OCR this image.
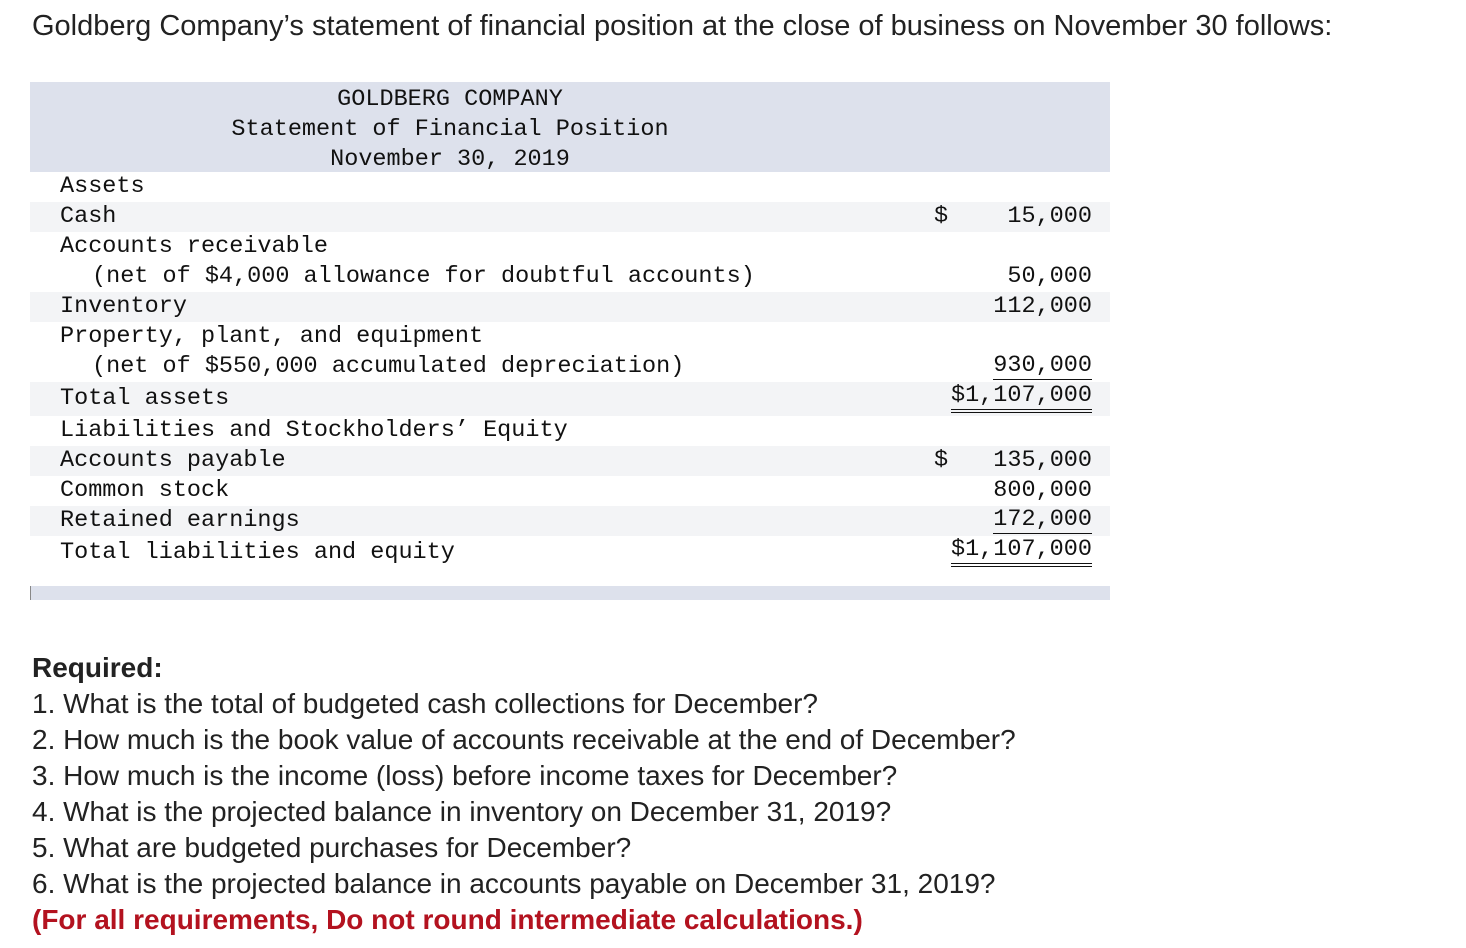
Goldberg Company’s statement of financial position at the close of business on November 30 follows:
GOLDBERG COMPANY
Statement of Financial Position
November 30, 2019
Assets
Cash	$	15,000
Accounts receivable
(net of $4,000 allowance for doubtful accounts)	50,000
Inventory	112,000
Property, plant, and equipment
(net of $550,000 accumulated depreciation)	930,000
Total assets	$1,107,000
Liabilities and Stockholders’ Equity
Accounts payable	$ 135,000
Common stock	800,000
Retained earnings	172,000
Total liabilities and equity	$1,107,000
Required:
1. What is the total of budgeted cash collections for December?
2. How much is the book value of accounts receivable at the end of December?
3. How much is the income (loss) before income taxes for December?
4. What is the projected balance in inventory on December 31, 2019?
5. What are budgeted purchases for December?
6. What is the projected balance in accounts payable on December 31, 2019?
(For all requirements, Do not round intermediate calculations.)
